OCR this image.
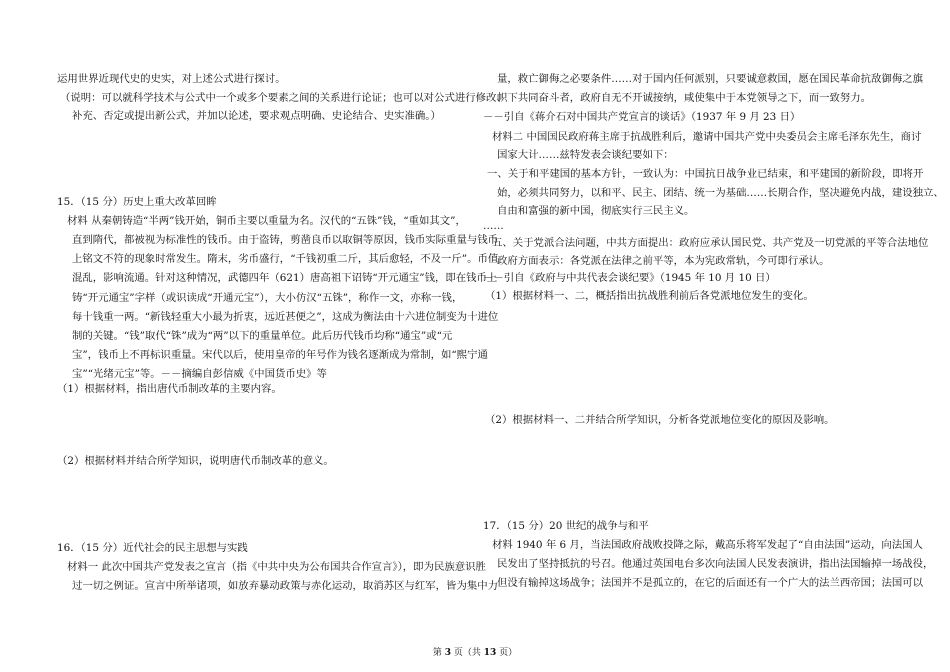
运用世界近现代史的史实，对上述公式进行探讨。
（说明：可以就科学技术与公式中一个或多个要素之间的关系进行论证；也可以对公式进行修改、
补充、否定或提出新公式，并加以论述，要求观点明确、史论结合、史实准确。）
15．（15 分）历史上重大改革回眸
材料 从秦朝铸造“半两”钱开始，铜币主要以重量为名。汉代的“五铢”钱，“重如其文”，
直到隋代，都被视为标准性的钱币。由于盗铸，剪凿良币以取铜等原因，钱币实际重量与钱币
上铭文不符的现象时常发生。隋末，劣币盛行，“千钱初重二斤，其后愈轻，不及一斤”。币值
混乱，影响流通。针对这种情况，武德四年（621）唐高祖下诏铸“开元通宝”钱，即在钱币上
铸“开元通宝”字样（或识读成“开通元宝”），大小仿汉“五铢”，称作一文，亦称一钱，
每十钱重一两。“新钱轻重大小最为折衷，远近甚便之”，这成为衡法由十六进位制变为十进位
制的关键。“钱”取代“铢”成为“两”以下的重量单位。此后历代钱币均称“通宝”或“元
宝”，钱币上不再标识重量。宋代以后，使用皇帝的年号作为钱名逐渐成为常制，如“熙宁通
宝”“光绪元宝”等。－－摘编自彭信威《中国货币史》等
（1）根据材料，指出唐代币制改革的主要内容。
（2）根据材料并结合所学知识，说明唐代币制改革的意义。
16．（15 分）近代社会的民主思想与实践
材料一 此次中国共产党发表之宣言（指《中共中央为公布国共合作宣言》），即为民族意识胜
过一切之例证。宣言中所举诸项，如放弃暴动政策与赤化运动，取消苏区与红军，皆为集中力
量，救亡御侮之必要条件……对于国内任何派别，只要诚意救国，愿在国民革命抗敌御侮之旗
帜下共同奋斗者，政府自无不开诚接纳，咸使集中于本党领导之下，而一致努力。
－－引自《蒋介石对中国共产党宣言的谈话》（1937 年 9 月 23 日）
材料二 中国国民政府蒋主席于抗战胜利后，邀请中国共产党中央委员会主席毛泽东先生，商讨
国家大计……兹特发表会谈纪要如下：
一、关于和平建国的基本方针，一致认为：中国抗日战争业已结束，和平建国的新阶段，即将开
始，必须共同努力，以和平、民主、团结、统一为基础……长期合作，坚决避免内战，建设独立、
自由和富强的新中国，彻底实行三民主义。
……
五、关于党派合法问题，中共方面提出：政府应承认国民党、共产党及一切党派的平等合法地位
政府方面表示：各党派在法律之前平等，本为宪政常轨，今可即行承认。
－－引自《政府与中共代表会谈纪要》（1945 年 10 月 10 日）
（1）根据材料一、二，概括指出抗战胜利前后各党派地位发生的变化。
（2）根据材料一、二并结合所学知识，分析各党派地位变化的原因及影响。
17．（15 分）20 世纪的战争与和平
材料 1940 年 6 月，当法国政府战败投降之际，戴高乐将军发起了“自由法国”运动，向法国人
民发出了坚持抵抗的号召。他通过英国电台多次向法国人民发表演讲，指出法国输掉一场战役，
但没有输掉这场战争；法国并不是孤立的，在它的后面还有一个广大的法兰西帝国；法国可以
第 3 页（共 13 页）
